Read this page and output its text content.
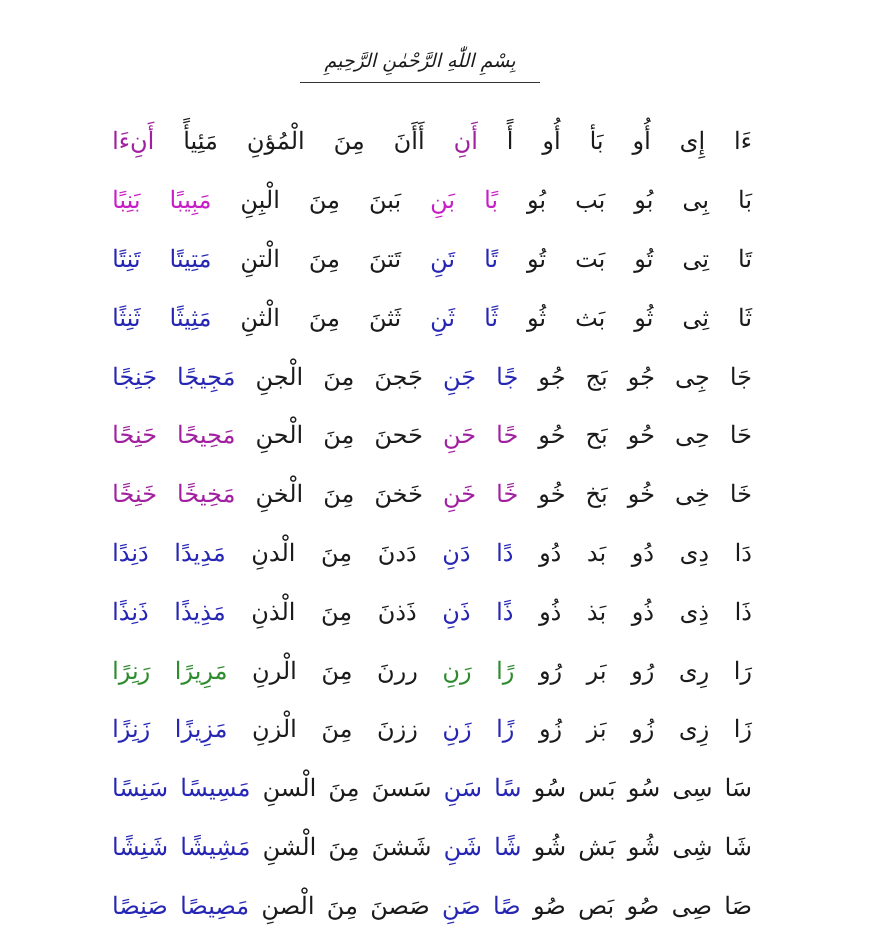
بِسْمِ اللّٰهِ الرَّحْمٰنِ الرَّحِيمِ
ءَا
إِى
أُو
بَأ
أُو
أً
أَنِ
أَأَنَ
مِنَ
الْمُؤنِ
مَئِيأً
أَنِءَا
بَا
بِى
بُو
بَب
بُو
بًا
بَنِ
بَبنَ
مِنَ
الْبِنِ
مَبِيبًا
بَنِبًا
تَا
تِى
تُو
بَت
تُو
تًا
تَنِ
تَتنَ
مِنَ
الْتنِ
مَتِيتًا
تَنِتًا
ثَا
ثِى
ثُو
بَث
ثُو
ثًا
ثَنِ
ثَثنَ
مِنَ
الْثنِ
مَثِيثًا
ثَنِثًا
جَا
جِى
جُو
بَج
جُو
جًا
جَنِ
جَجنَ
مِنَ
الْجنِ
مَجِيجًا
جَنِجًا
حَا
حِى
حُو
بَح
حُو
حًا
حَنِ
حَحنَ
مِنَ
الْحنِ
مَحِيحًا
حَنِحًا
خَا
خِى
خُو
بَخ
خُو
خًا
خَنِ
خَخنَ
مِنَ
الْخنِ
مَخِيخًا
خَنِخًا
دَا
دِى
دُو
بَد
دُو
دًا
دَنِ
دَدنَ
مِنَ
الْدنِ
مَدِيدًا
دَنِدًا
ذَا
ذِى
ذُو
بَذ
ذُو
ذًا
ذَنِ
ذَذنَ
مِنَ
الْذنِ
مَذِيذًا
ذَنِذًا
رَا
رِى
رُو
بَر
رُو
رًا
رَنِ
ررنَ
مِنَ
الْرنِ
مَرِيرًا
رَنِرًا
زَا
زِى
زُو
بَز
زُو
زًا
زَنِ
ززنَ
مِنَ
الْزنِ
مَزِيزًا
زَنِزًا
سَا
سِى
سُو
بَس
سُو
سًا
سَنِ
سَسنَ
مِنَ
الْسنِ
مَسِيسًا
سَنِسًا
شَا
شِى
شُو
بَش
شُو
شًا
شَنِ
شَشنَ
مِنَ
الْشنِ
مَشِيشًا
شَنِشًا
صَا
صِى
صُو
بَص
صُو
صًا
صَنِ
صَصنَ
مِنَ
الْصنِ
مَصِيصًا
صَنِصًا
